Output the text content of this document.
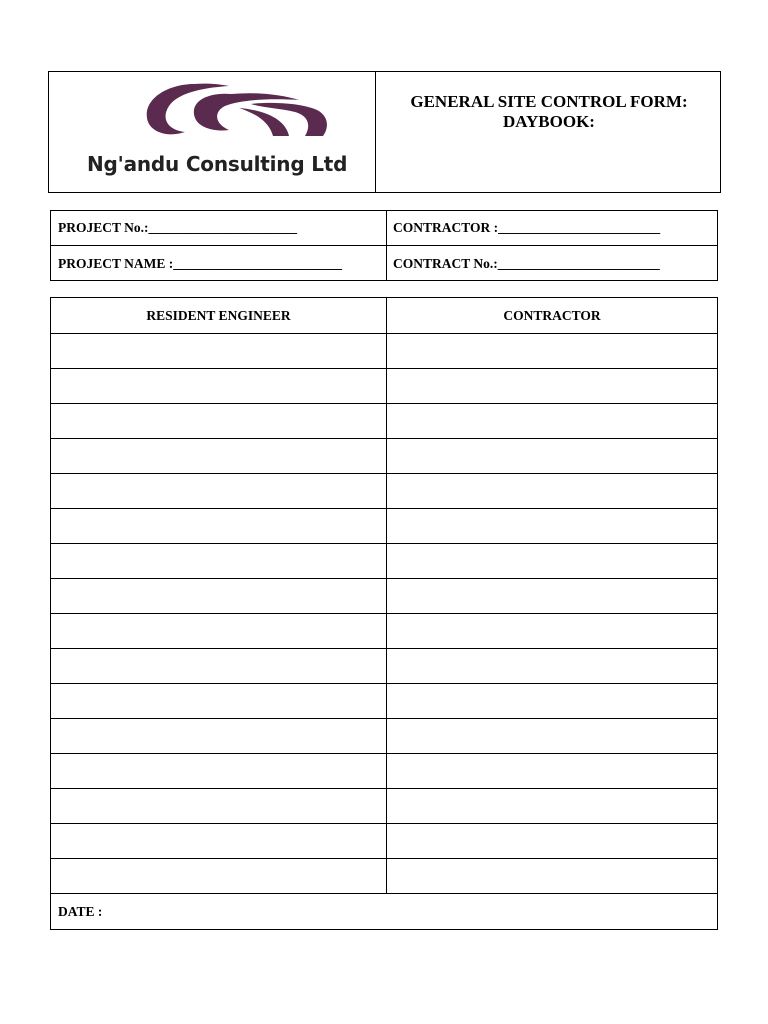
Ng'andu Consulting Ltd
GENERAL SITE CONTROL FORM:
DAYBOOK:
PROJECT No.:______________________	CONTRACTOR :________________________
PROJECT NAME :_________________________	CONTRACT No.:________________________
RESIDENT ENGINEER	CONTRACTOR
DATE :
